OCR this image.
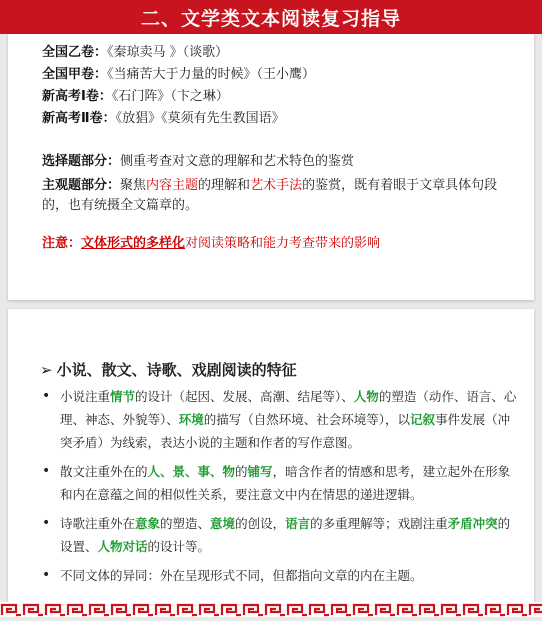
二、文学类文本阅读复习指导
全国乙卷：《秦琼卖马 》（谈歌）
全国甲卷：《当痛苦大于力量的时候》（王小鹰）
新高考Ⅰ卷：《石门阵》（卞之琳）
新高考Ⅱ卷：《放猖》《莫须有先生教国语》
选择题部分：侧重考查对文意的理解和艺术特色的鉴赏
主观题部分：聚焦内容主题的理解和艺术手法的鉴赏，既有着眼于文章具体句段的，也有统摄全文篇章的。
注意：文体形式的多样化对阅读策略和能力考查带来的影响
➢ 小说、散文、诗歌、戏剧阅读的特征
• 小说注重情节的设计（起因、发展、高潮、结尾等）、人物的塑造（动作、语言、心理、神态、外貌等）、环境的描写（自然环境、社会环境等），以记叙事件发展（冲突矛盾）为线索，表达小说的主题和作者的写作意图。
• 散文注重外在的人、景、事、物的铺写，暗含作者的情感和思考，建立起外在形象和内在意蕴之间的相似性关系，要注意文中内在情思的递进逻辑。
• 诗歌注重外在意象的塑造、意境的创设，语言的多重理解等；戏剧注重矛盾冲突的设置、人物对话的设计等。
• 不同文体的异同：外在呈现形式不同，但都指向文章的内在主题。
